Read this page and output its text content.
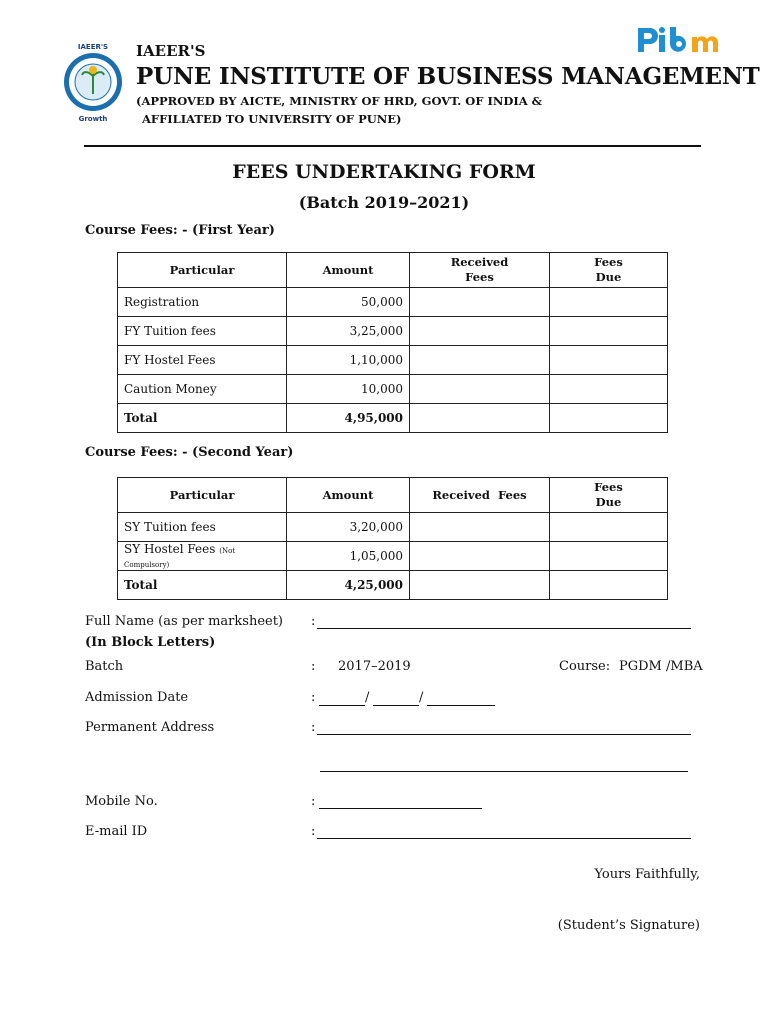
IAEER'S
Growth
IAEER'S
PUNE INSTITUTE OF BUSINESS MANAGEMENT
(APPROVED BY AICTE, MINISTRY OF HRD, GOVT. OF INDIA &
AFFILIATED TO UNIVERSITY OF PUNE)
FEES UNDERTAKING FORM
(Batch 2019–2021)
Course Fees: - (First Year)
Particular	Amount	Received Fees	Fees Due
Registration	50,000		
FY Tuition fees	3,25,000		
FY Hostel Fees	1,10,000		
Caution Money	10,000		
Total	4,95,000		
Course Fees: - (Second Year)
Particular	Amount	Received  Fees	Fees Due
SY Tuition fees	3,20,000		
SY Hostel Fees (Not Compulsory)	1,05,000		
Total	4,25,000		
Full Name (as per marksheet) :
(In Block Letters)
Batch	: 2017–2019	Course: PGDM /MBA
Admission Date	:	/	/
Permanent Address	:
Mobile No.	:
E-mail ID	:
Yours Faithfully,
(Student’s Signature)
